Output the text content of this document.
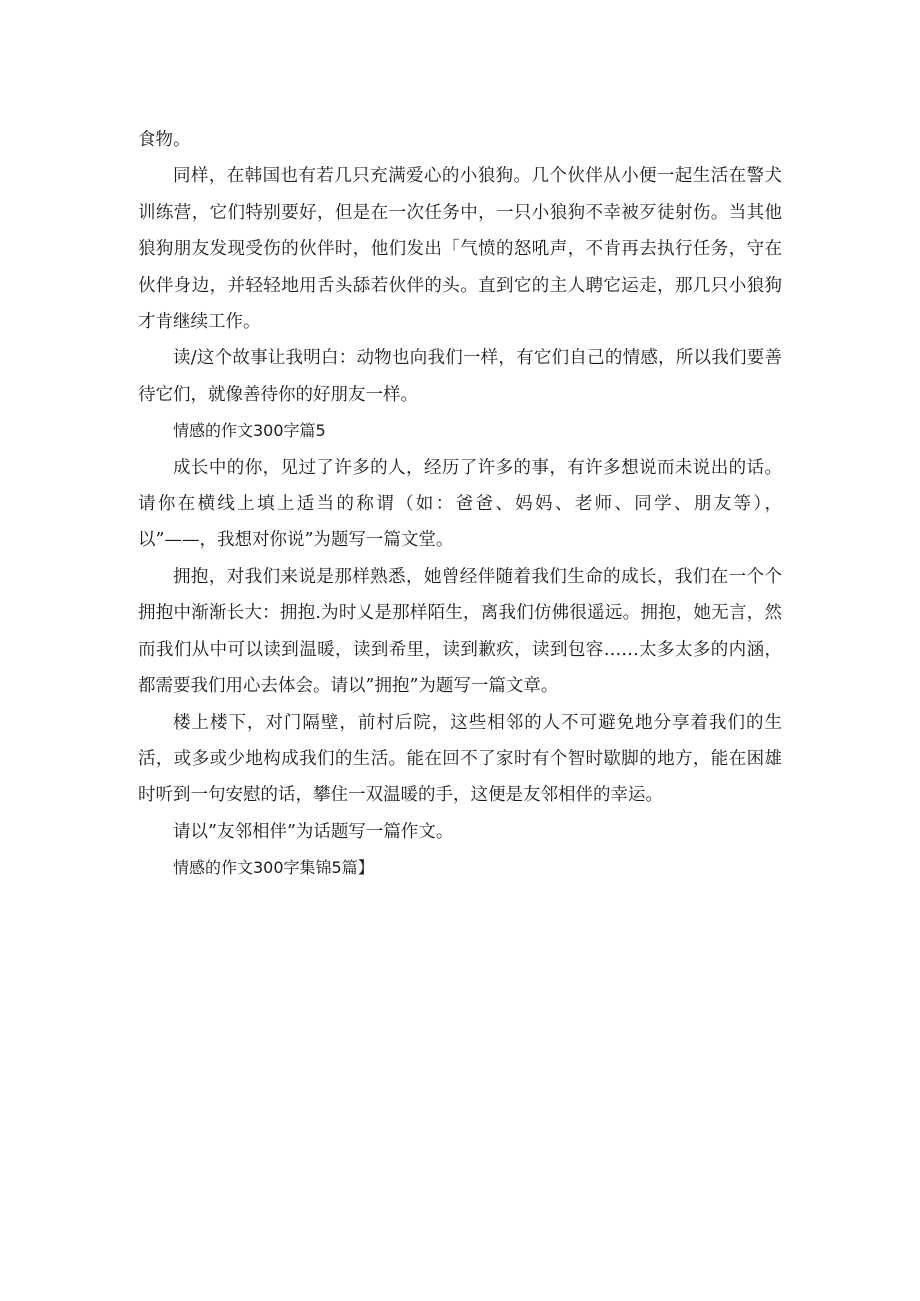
食物。

同样，在韩国也有若几只充满爱心的小狼狗。几个伙伴从小便一起生活在警犬训练营，它们特别要好，但是在一次任务中，一只小狼狗不幸被歹徒射伤。当其他狼狗朋友发现受伤的伙伴时，他们发出「气愤的怒吼声，不肯再去执行任务，守在伙伴身边，并轻轻地用舌头舔若伙伴的头。直到它的主人聘它运走，那几只小狼狗才肯继续工作。

读/这个故事让我明白：动物也向我们一样，有它们自己的情感，所以我们要善待它们，就像善待你的好朋友一样。

情感的作文300字篇5

成长中的你，见过了许多的人，经历了许多的事，有许多想说而未说出的话。请你在横线上填上适当的称谓（如：爸爸、妈妈、老师、同学、朋友等），以”——，我想对你说”为题写一篇文堂。

拥抱，对我们来说是那样熟悉，她曾经伴随着我们生命的成长，我们在一个个拥抱中渐渐长大：拥抱.为时乂是那样陌生，离我们仿佛很遥远。拥抱，她无言，然而我们从中可以读到温暖，读到希里，读到歉疚，读到包容……太多太多的内涵，都需要我们用心去体会。请以”拥抱”为题写一篇文章。

楼上楼下，对门隔壁，前村后院，这些相邻的人不可避免地分享着我们的生活，或多或少地构成我们的生活。能在回不了家时有个智时歇脚的地方，能在困雄时听到一句安慰的话，攀住一双温暖的手，这便是友邻相伴的幸运。

请以”友邻相伴”为话题写一篇作文。

情感的作文300字集锦5篇】
